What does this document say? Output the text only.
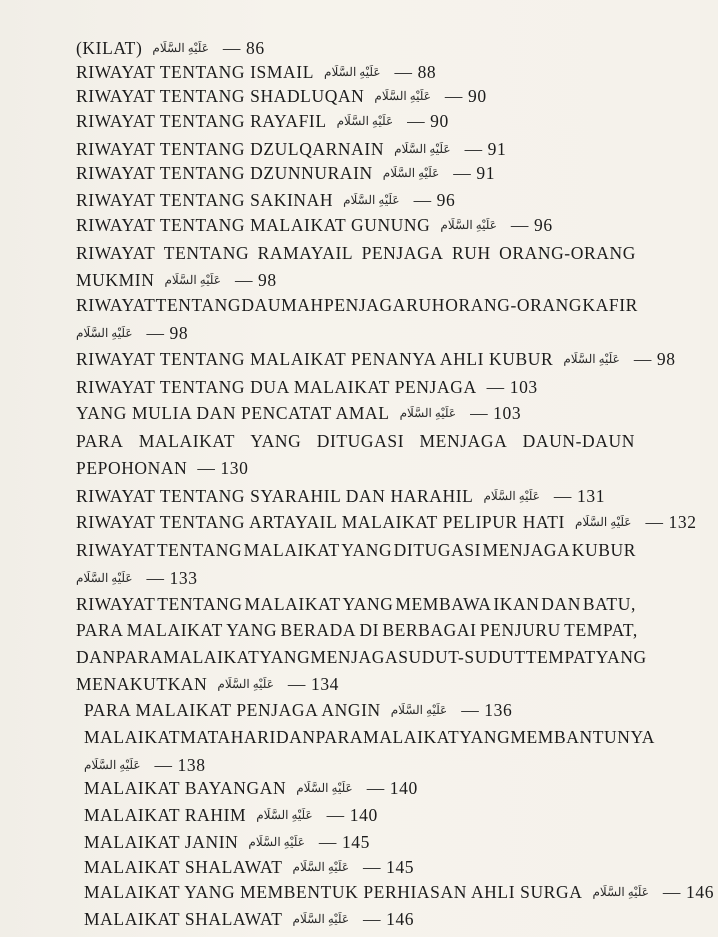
(KILAT) عَلَيْهِ السَّلَام — 86
RIWAYAT TENTANG ISMAIL عَلَيْهِ السَّلَام — 88
RIWAYAT TENTANG SHADLUQAN عَلَيْهِ السَّلَام — 90
RIWAYAT TENTANG RAYAFIL عَلَيْهِ السَّلَام — 90
RIWAYAT TENTANG DZULQARNAIN عَلَيْهِ السَّلَام — 91
RIWAYAT TENTANG DZUNNURAIN عَلَيْهِ السَّلَام — 91
RIWAYAT TENTANG SAKINAH عَلَيْهِ السَّلَام — 96
RIWAYAT TENTANG MALAIKAT GUNUNG عَلَيْهِ السَّلَام — 96
RIWAYAT TENTANG RAMAYAIL PENJAGA RUH ORANG-ORANG
MUKMIN عَلَيْهِ السَّلَام — 98
RIWAYAT TENTANG DAUMAH PENJAGA RUH ORANG-ORANG KAFIR
عَلَيْهِ السَّلَام — 98
RIWAYAT TENTANG MALAIKAT PENANYA AHLI KUBUR عَلَيْهِ السَّلَام — 98
RIWAYAT TENTANG DUA MALAIKAT PENJAGA — 103
YANG MULIA DAN PENCATAT AMAL عَلَيْهِ السَّلَام — 103
PARA MALAIKAT YANG DITUGASI MENJAGA DAUN-DAUN
PEPOHONAN — 130
RIWAYAT TENTANG SYARAHIL DAN HARAHIL عَلَيْهِ السَّلَام — 131
RIWAYAT TENTANG ARTAYAIL MALAIKAT PELIPUR HATI عَلَيْهِ السَّلَام — 132
RIWAYAT TENTANG MALAIKAT YANG DITUGASI MENJAGA KUBUR
عَلَيْهِ السَّلَام — 133
RIWAYAT TENTANG MALAIKAT YANG MEMBAWA IKAN DAN BATU,
PARA MALAIKAT YANG BERADA DI BERBAGAI PENJURU TEMPAT,
DAN PARA MALAIKAT YANG MENJAGA SUDUT-SUDUT TEMPAT YANG
MENAKUTKAN عَلَيْهِ السَّلَام — 134
PARA MALAIKAT PENJAGA ANGIN عَلَيْهِ السَّلَام — 136
MALAIKAT MATAHARI DAN PARA MALAIKAT YANG MEMBANTUNYA
عَلَيْهِ السَّلَام — 138
MALAIKAT BAYANGAN عَلَيْهِ السَّلَام — 140
MALAIKAT RAHIM عَلَيْهِ السَّلَام — 140
MALAIKAT JANIN عَلَيْهِ السَّلَام — 145
MALAIKAT SHALAWAT عَلَيْهِ السَّلَام — 145
MALAIKAT YANG MEMBENTUK PERHIASAN AHLI SURGA عَلَيْهِ السَّلَام — 146
MALAIKAT SHALAWAT عَلَيْهِ السَّلَام — 146
